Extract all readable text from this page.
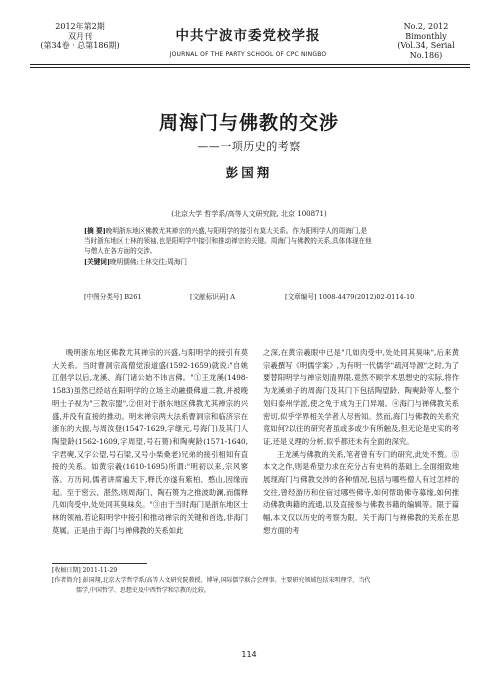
2012年第2期
双月刊
(第34卷 · 总第186期)
中共宁波市委党校学报
JOURNAL OF THE PARTY SCHOOL OF CPC NINGBO
No.2, 2012
Bimonthly
(Vol.34, Serial No.186)
周海门与佛教的交涉
——一项历史的考察
彭国翔
(北京大学 哲学系/高等人文研究院, 北京 100871)
[摘 要]晚明浙东地区佛教尤其禅宗的兴盛,与阳明学的接引有莫大关系。作为阳明学人的周海门,是
当时浙东地区士林的领袖,也是阳明学中接引和推动禅宗的关键。周海门与佛教的关系,具体体现在他
与僧人在各方面的交涉。
[关键词]晚明儒佛;士林交往;周海门
[中图分类号] B261	[文献标识码] A	[文章编号] 1008-4479(2012)02-0114-10

晚明浙东地区佛教尤其禅宗的兴盛,与阳明学的接引有莫大关系。当时曹洞宗高僧觉浪道盛(1592-1659)就说:"自姚江倡学以后,龙溪、海门诸公始不讳言佛。"①王龙溪(1498-1583)虽然已经站在阳明学的立场主动融摄佛道二教,并被晚明士子视为"三教宗盟",②但对于浙东地区佛教尤其禅宗的兴盛,并没有直接的推动。明末禅宗两大法系曹洞宗和临济宗在浙东的大振,与周汝登(1547-1629,字继元,号海门)及其门人陶望龄(1562-1609,字周望,号石篑)和陶奭龄(1571-1640,字君奭,又字公望,号石梁,又号小柴桑老)兄弟的接引相知有直接的关系。如黄宗羲(1610-1695)所谓:"明初以来,宗风寥落。万历间,儒者讲席遍天下,释氏亦遂有紫柏、憨山,因缘而起。至于密云、湛然,则周海门、陶石篑为之推波助澜,而儒释几如肉受中,处处同其臭味矣。"③由于当时海门是浙东地区士林的领袖,若论阳明学中接引和推动禅宗的关键和首选,非海门莫属。正是由于海门与禅佛教的关系如此

之深,在黄宗羲眼中已是"几如肉受中,处处同其臭味",后来黄宗羲撰写《明儒学案》,为有明一代儒学"疏河导源"之时,为了要替阳明学与禅宗划清界限,竟然不顾学术思想史的实际,将作为龙溪弟子的周海门及其门下包括陶望龄、陶奭龄等人,整个划归泰州学派,使之免于成为王门异端。④海门与禅佛教关系密切,似乎学界相关学者人尽皆知。然而,海门与佛教的关系究竟如何?以往的研究者虽或多或少有所触及,但无论是史实的考证,还是义理的分析,似乎都还未有全面的深究。

王龙溪与佛教的关系,笔者曾有专门的研究,此处不赘。⑤本文之作,则是希望力求在充分占有史料的基础上,全面细致地展现海门与佛教交涉的各种情况,包括与哪些僧人有过怎样的交往,曾经游历和住宿过哪些佛寺,如何帮助佛寺募缘,如何推动佛教典籍的流通,以及直接参与佛教书籍的编辑等。限于篇幅,本文仅以历史的考察为限。关于海门与禅佛教的关系在思想方面的考

[收稿日期] 2011-11-29
[作者简介] 彭国翔,北京大学哲学系/高等人文研究院教授、博导,国际儒学联合会理事。主要研究领域包括宋明理学、当代
儒学,中国哲学、思想史及中西哲学和宗教的比较。
114
